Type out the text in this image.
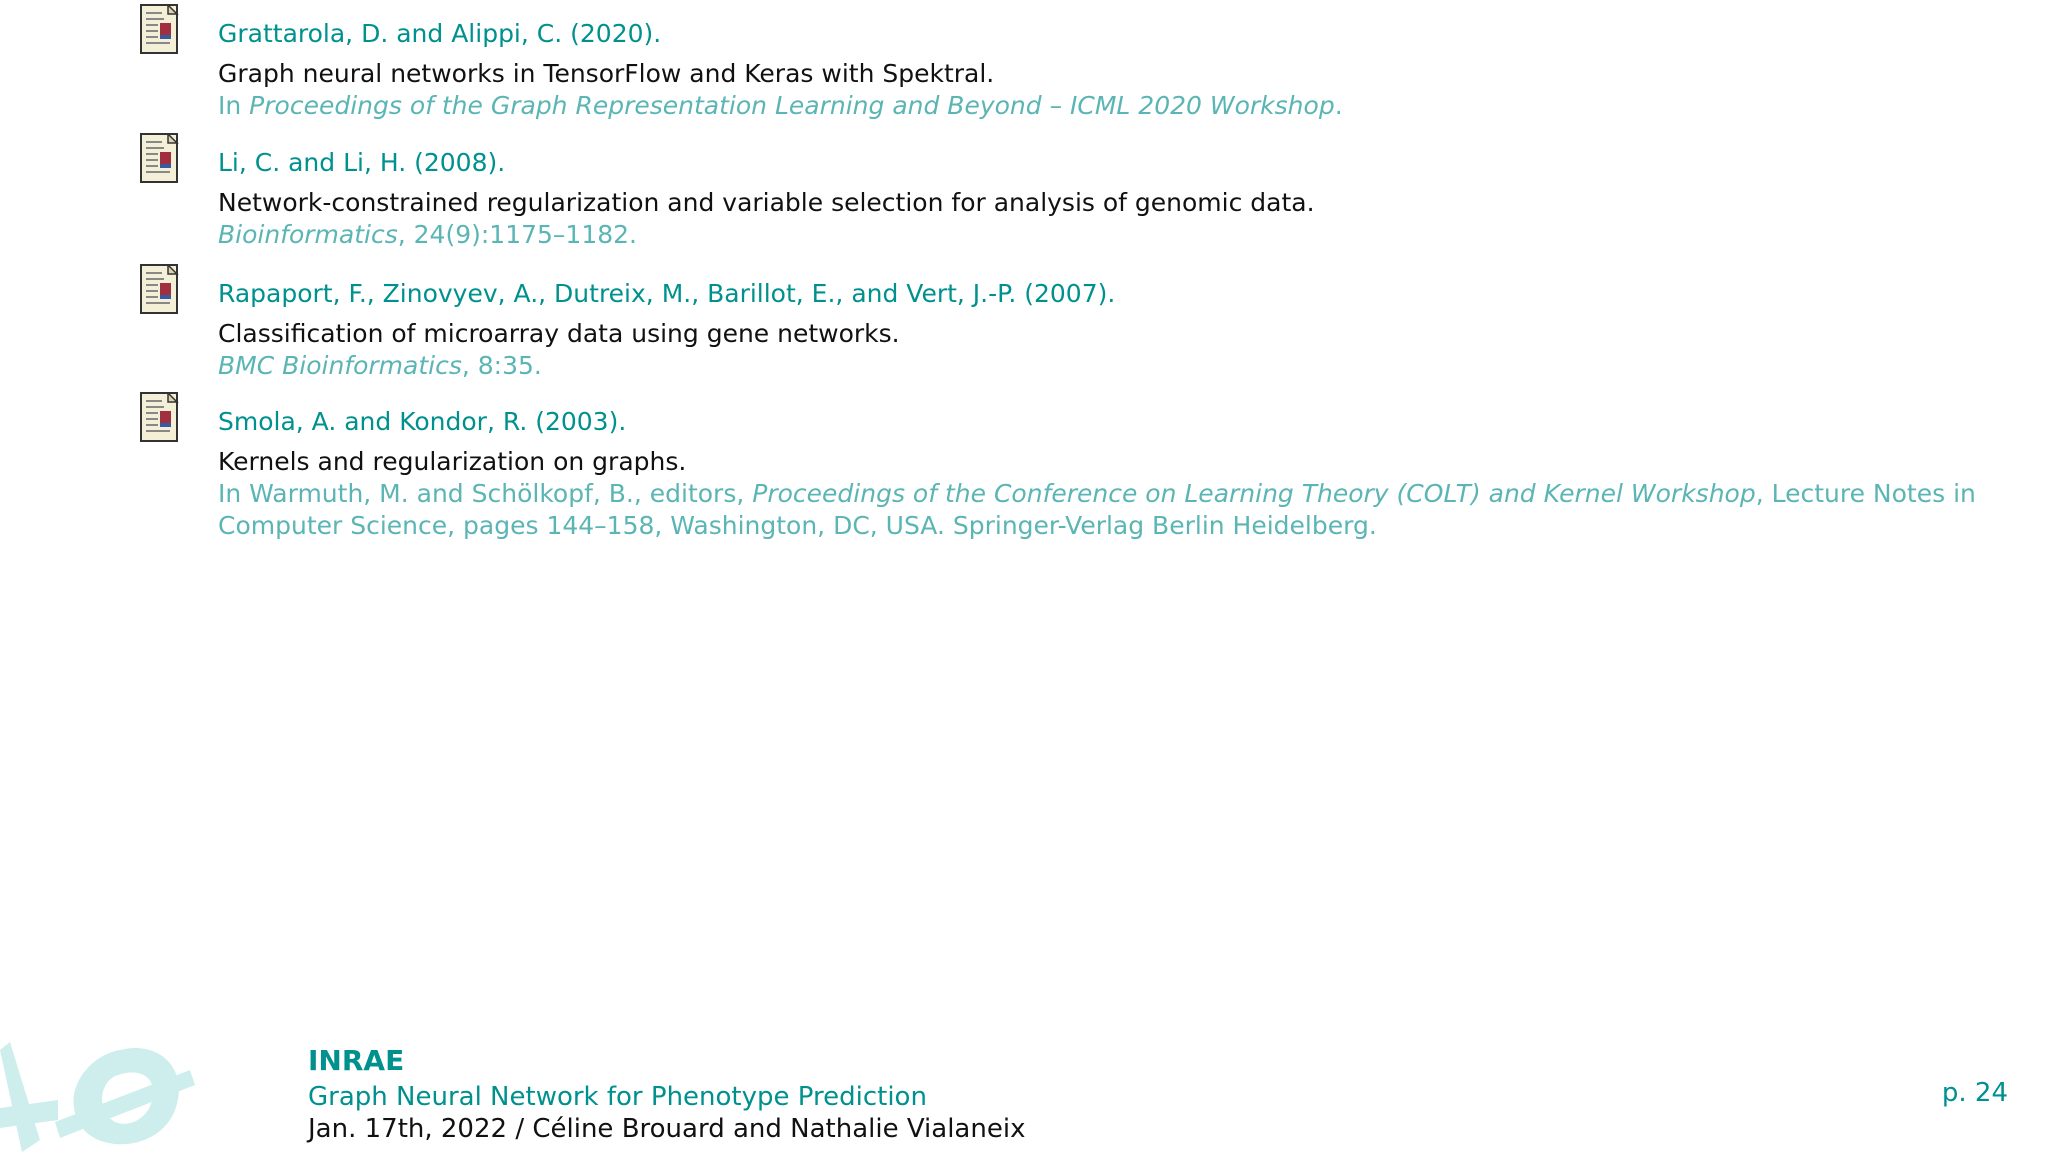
Grattarola, D. and Alippi, C. (2020).
Graph neural networks in TensorFlow and Keras with Spektral.
In Proceedings of the Graph Representation Learning and Beyond – ICML 2020 Workshop.
Li, C. and Li, H. (2008).
Network-constrained regularization and variable selection for analysis of genomic data.
Bioinformatics, 24(9):1175–1182.
Rapaport, F., Zinovyev, A., Dutreix, M., Barillot, E., and Vert, J.-P. (2007).
Classification of microarray data using gene networks.
BMC Bioinformatics, 8:35.
Smola, A. and Kondor, R. (2003).
Kernels and regularization on graphs.
In Warmuth, M. and Schölkopf, B., editors, Proceedings of the Conference on Learning Theory (COLT) and Kernel Workshop, Lecture Notes in Computer Science, pages 144–158, Washington, DC, USA. Springer-Verlag Berlin Heidelberg.
INRAE
Graph Neural Network for Phenotype Prediction
Jan. 17th, 2022 / Céline Brouard and Nathalie Vialaneix
p. 24
